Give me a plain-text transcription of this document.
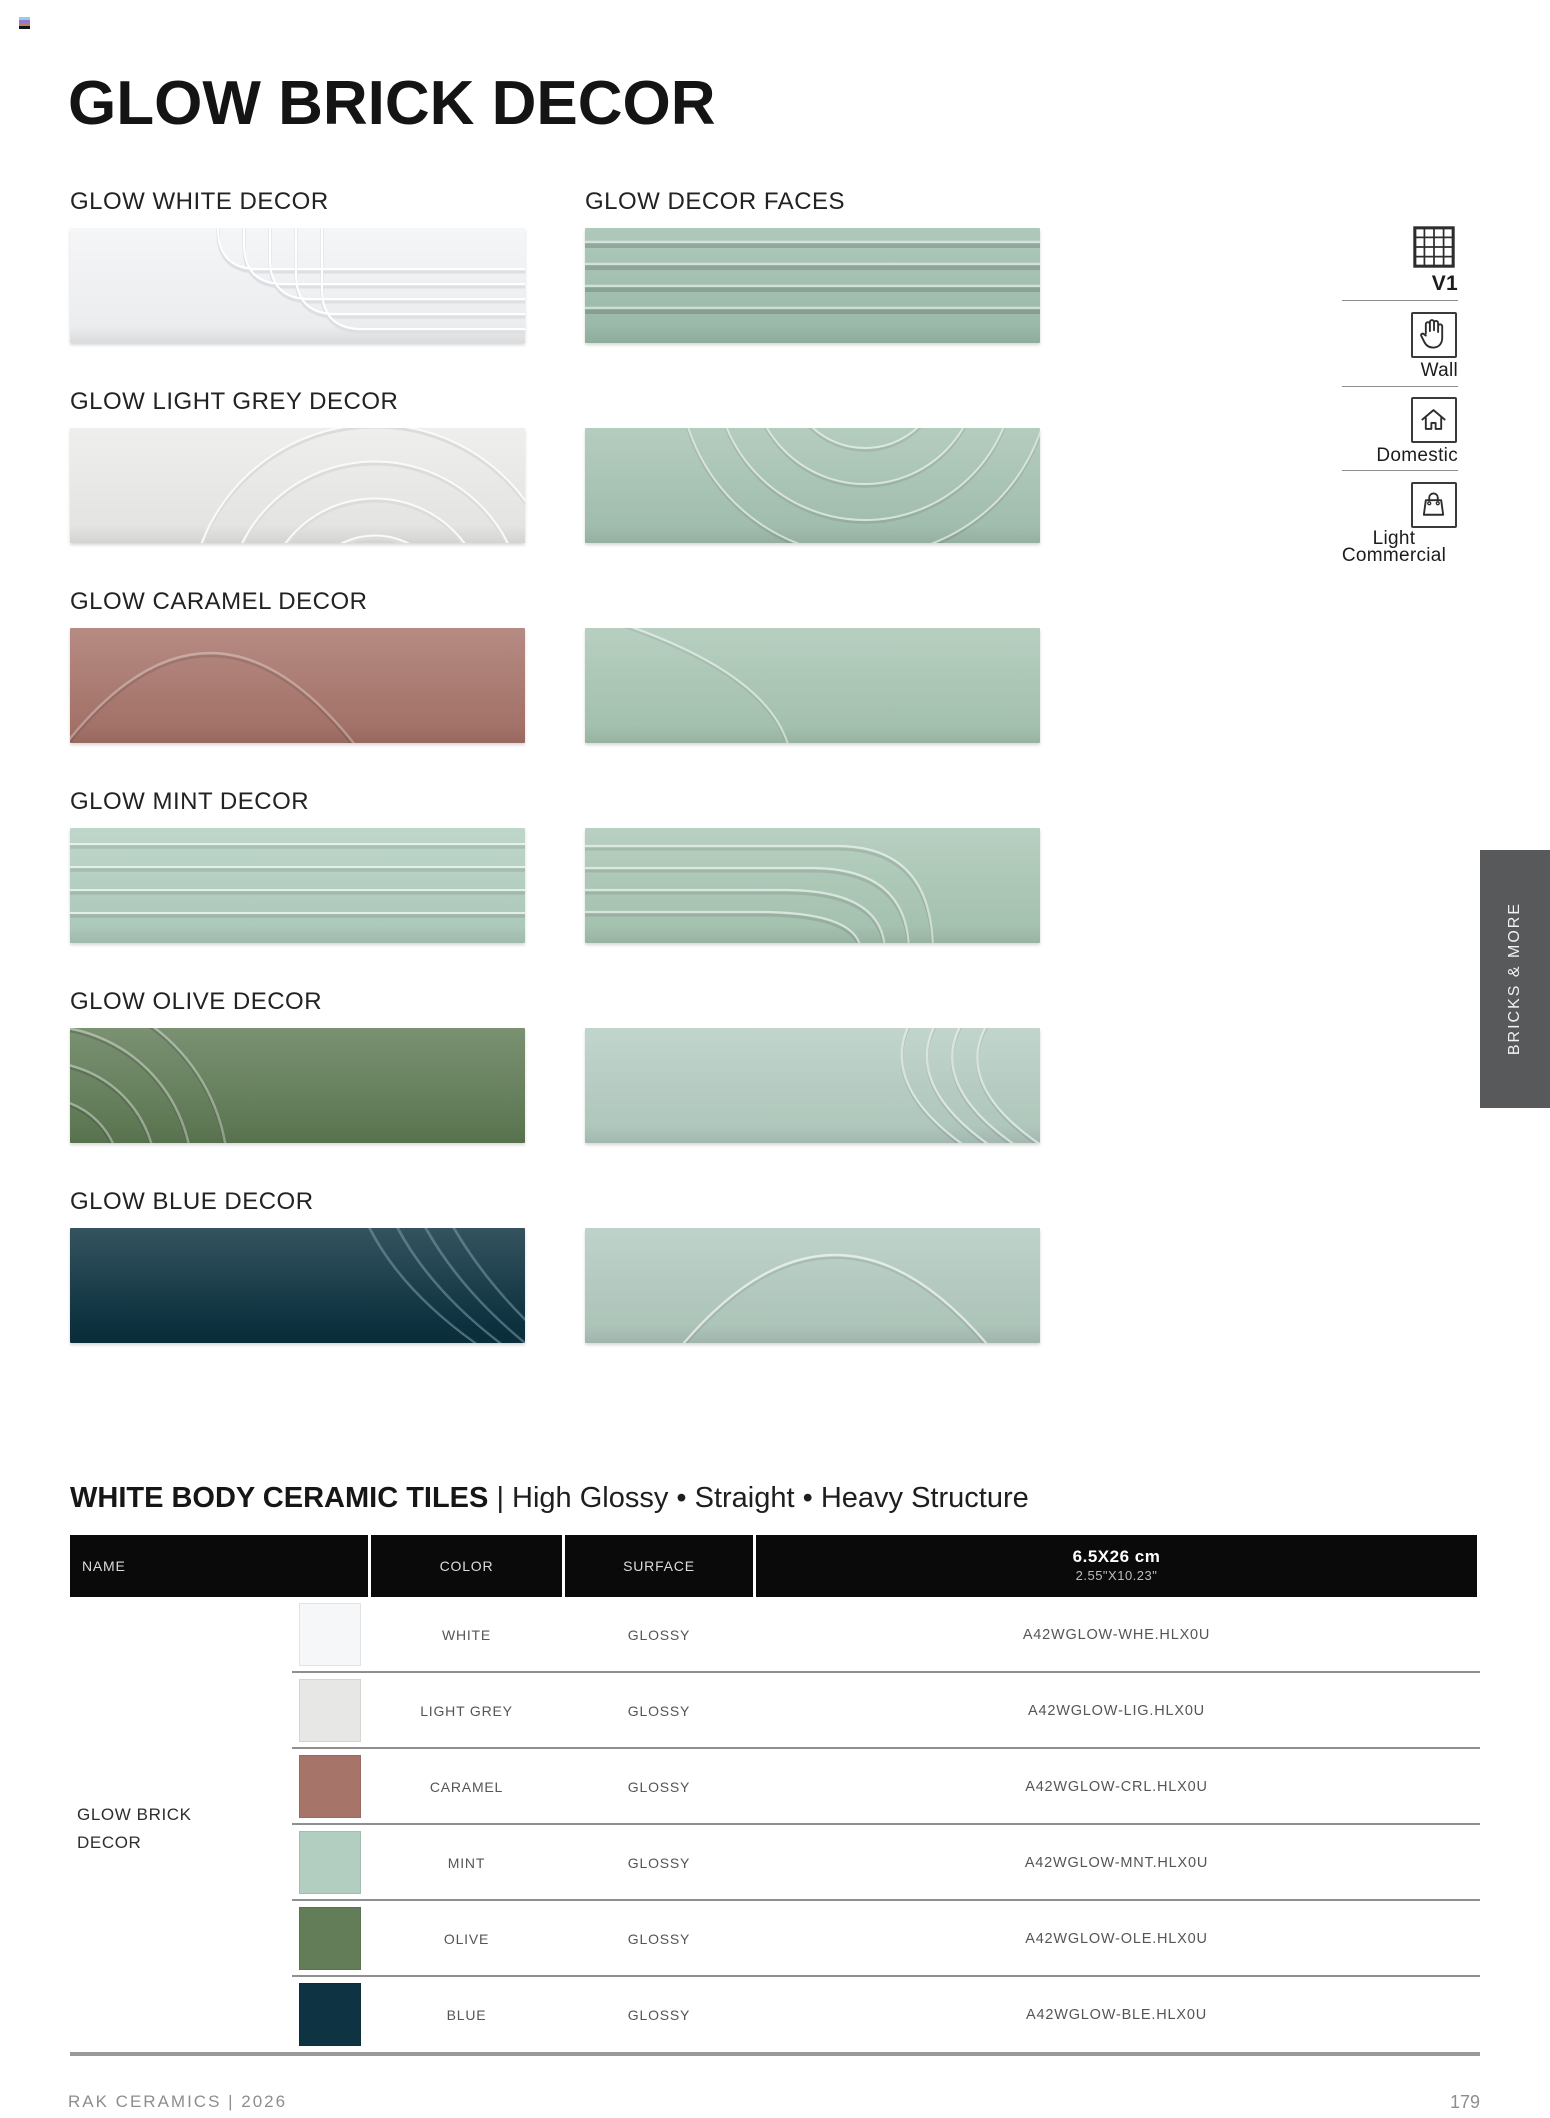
GLOW BRICK DECOR
GLOW WHITE DECOR	GLOW DECOR FACES
GLOW LIGHT GREY DECOR
GLOW CARAMEL DECOR
GLOW MINT DECOR
GLOW OLIVE DECOR
GLOW BLUE DECOR
V1
Wall
Domestic
Light Commercial
BRICKS & MORE
WHITE BODY CERAMIC TILES | High Glossy • Straight • Heavy Structure
NAME	COLOR	SURFACE	6.5X26 cm
2.55"X10.23"
WHITE	GLOSSY	A42WGLOW-WHE.HLX0U
LIGHT GREY	GLOSSY	A42WGLOW-LIG.HLX0U
CARAMEL	GLOSSY	A42WGLOW-CRL.HLX0U
MINT	GLOSSY	A42WGLOW-MNT.HLX0U
OLIVE	GLOSSY	A42WGLOW-OLE.HLX0U
BLUE	GLOSSY	A42WGLOW-BLE.HLX0U
GLOW BRICK
DECOR
RAK CERAMICS | 2026	179
